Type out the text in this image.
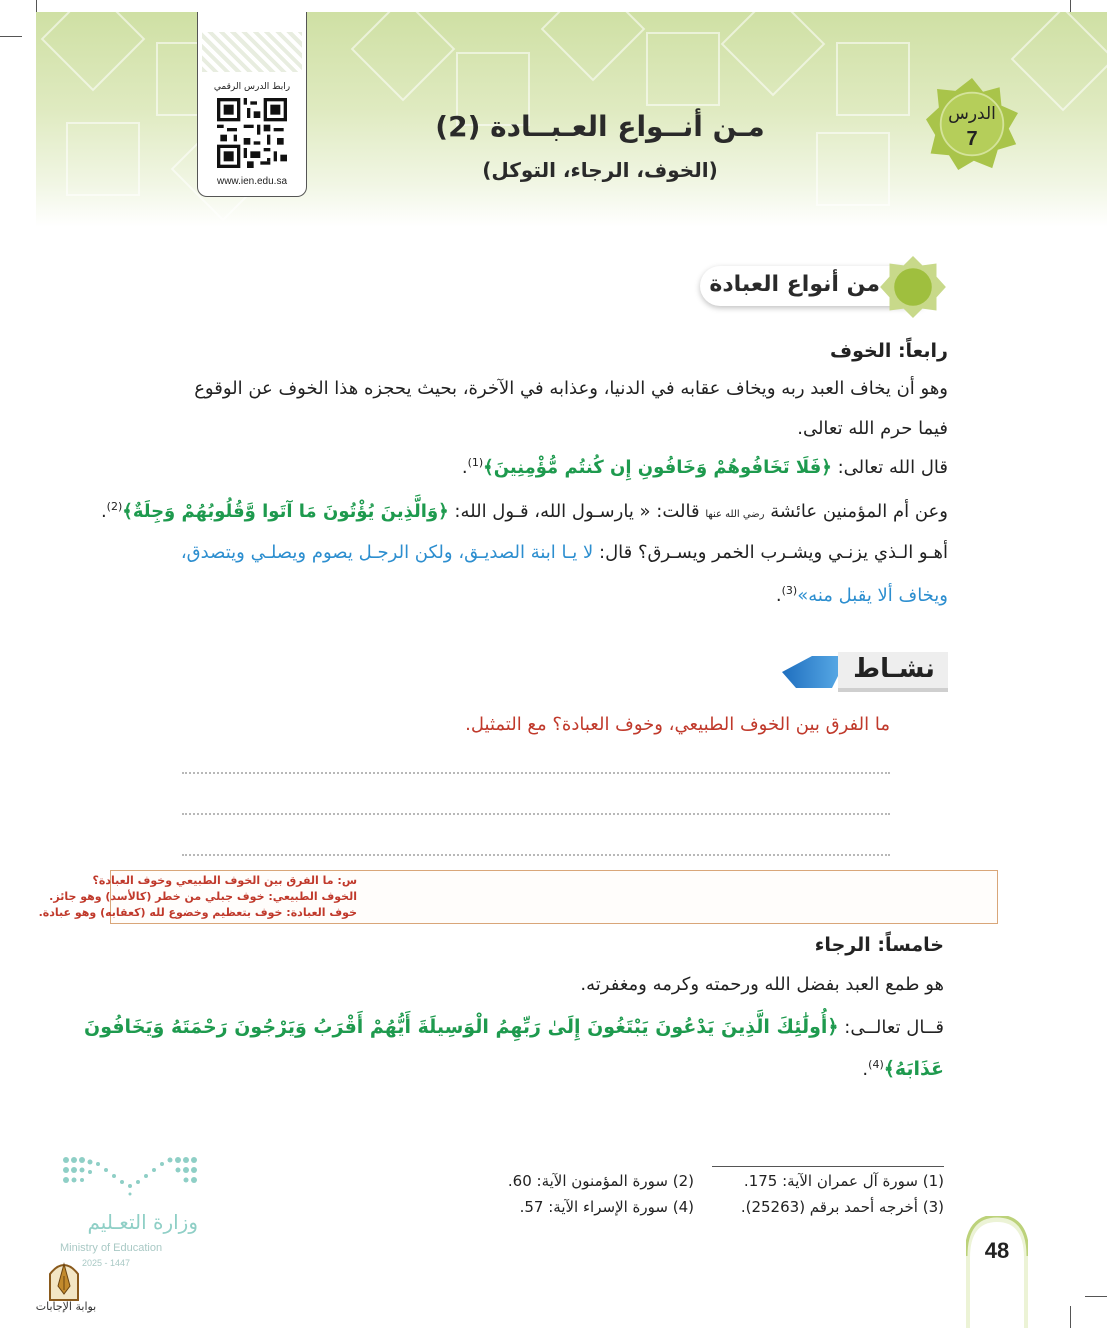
رابط الدرس الرقمي
www.ien.edu.sa
الدرس
7
مـن أنــواع العـبــادة (2)
(الخوف، الرجاء، التوكل)
من أنواع العبادة
رابعاً: الخوف
وهو أن يخاف العبد ربه ويخاف عقابه في الدنيا، وعذابه في الآخرة، بحيث يحجزه هذا الخوف عن الوقوع
فيما حرم الله تعالى.
قال الله تعالى: ﴿فَلَا تَخَافُوهُمْ وَخَافُونِ إِن كُنتُم مُّؤْمِنِينَ﴾$^{(1)}$.
وعن أم المؤمنين عائشة رضي الله عنها قالت: « يارسـول الله، قـول الله: ﴿وَالَّذِينَ يُؤْتُونَ مَا آتَوا وَّقُلُوبُهُمْ وَجِلَةٌ﴾$^{(2)}$.
أهـو الـذي يزنـي ويشـرب الخمر ويسـرق؟ قال: لا يـا ابنة الصديـق، ولكن الرجـل يصوم ويصلـي ويتصدق،
ويخاف ألا يقبل منه»$^{(3)}$.
نشـاط
ما الفرق بين الخوف الطبيعي، وخوف العبادة؟ مع التمثيل.
س: ما الفرق بين الخوف الطبيعي وخوف العبادة؟
الخوف الطبيعي: خوف جبلي من خطر (كالأسد) وهو جائز.
خوف العبادة: خوف بتعظيم وخضوع لله (كعقابه) وهو عبادة.
خامساً: الرجاء
هو طمع العبد بفضل الله ورحمته وكرمه ومغفرته.
قــال تعالــى: ﴿أُولَٰئِكَ الَّذِينَ يَدْعُونَ يَبْتَغُونَ إِلَىٰ رَبِّهِمُ الْوَسِيلَةَ أَيُّهُمْ أَقْرَبُ وَيَرْجُونَ رَحْمَتَهُ وَيَخَافُونَ
عَذَابَهُ﴾$^{(4)}$.
(1) سورة آل عمران الآية: 175.
(2) سورة المؤمنون الآية: 60.
(3) أخرجه أحمد برقم (25263).
(4) سورة الإسراء الآية: 57.
48
وزارة التعـليم
Ministry of Education
2025 - 1447
بوابة الإجابات
